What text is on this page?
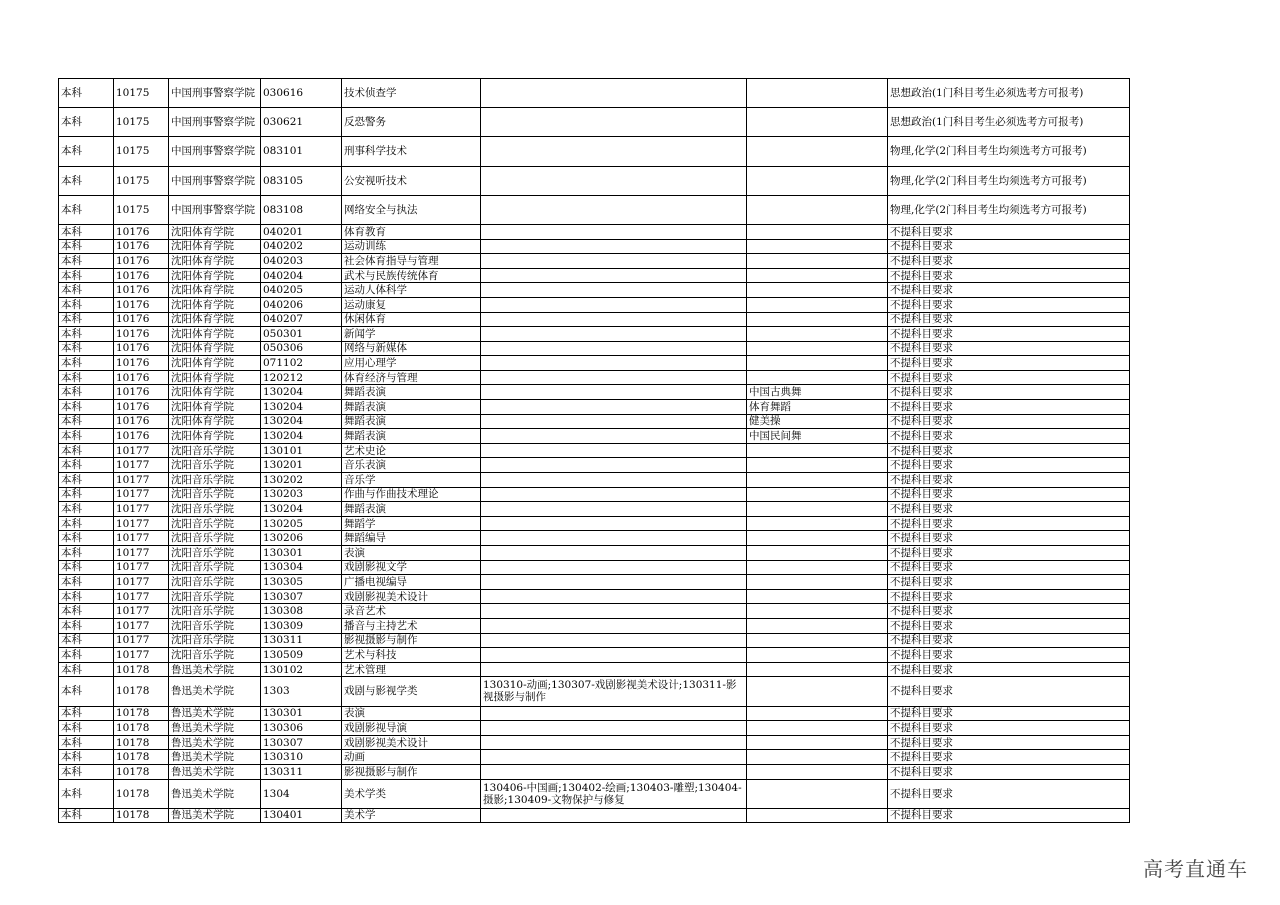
本科	10175	中国刑事警察学院	030616	技术侦查学			思想政治(1门科目考生必须选考方可报考)
本科	10175	中国刑事警察学院	030621	反恐警务			思想政治(1门科目考生必须选考方可报考)
本科	10175	中国刑事警察学院	083101	刑事科学技术			物理,化学(2门科目考生均须选考方可报考)
本科	10175	中国刑事警察学院	083105	公安视听技术			物理,化学(2门科目考生均须选考方可报考)
本科	10175	中国刑事警察学院	083108	网络安全与执法			物理,化学(2门科目考生均须选考方可报考)
本科	10176	沈阳体育学院	040201	体育教育			不提科目要求
本科	10176	沈阳体育学院	040202	运动训练			不提科目要求
本科	10176	沈阳体育学院	040203	社会体育指导与管理			不提科目要求
本科	10176	沈阳体育学院	040204	武术与民族传统体育			不提科目要求
本科	10176	沈阳体育学院	040205	运动人体科学			不提科目要求
本科	10176	沈阳体育学院	040206	运动康复			不提科目要求
本科	10176	沈阳体育学院	040207	休闲体育			不提科目要求
本科	10176	沈阳体育学院	050301	新闻学			不提科目要求
本科	10176	沈阳体育学院	050306	网络与新媒体			不提科目要求
本科	10176	沈阳体育学院	071102	应用心理学			不提科目要求
本科	10176	沈阳体育学院	120212	体育经济与管理			不提科目要求
本科	10176	沈阳体育学院	130204	舞蹈表演		中国古典舞	不提科目要求
本科	10176	沈阳体育学院	130204	舞蹈表演		体育舞蹈	不提科目要求
本科	10176	沈阳体育学院	130204	舞蹈表演		健美操	不提科目要求
本科	10176	沈阳体育学院	130204	舞蹈表演		中国民间舞	不提科目要求
本科	10177	沈阳音乐学院	130101	艺术史论			不提科目要求
本科	10177	沈阳音乐学院	130201	音乐表演			不提科目要求
本科	10177	沈阳音乐学院	130202	音乐学			不提科目要求
本科	10177	沈阳音乐学院	130203	作曲与作曲技术理论			不提科目要求
本科	10177	沈阳音乐学院	130204	舞蹈表演			不提科目要求
本科	10177	沈阳音乐学院	130205	舞蹈学			不提科目要求
本科	10177	沈阳音乐学院	130206	舞蹈编导			不提科目要求
本科	10177	沈阳音乐学院	130301	表演			不提科目要求
本科	10177	沈阳音乐学院	130304	戏剧影视文学			不提科目要求
本科	10177	沈阳音乐学院	130305	广播电视编导			不提科目要求
本科	10177	沈阳音乐学院	130307	戏剧影视美术设计			不提科目要求
本科	10177	沈阳音乐学院	130308	录音艺术			不提科目要求
本科	10177	沈阳音乐学院	130309	播音与主持艺术			不提科目要求
本科	10177	沈阳音乐学院	130311	影视摄影与制作			不提科目要求
本科	10177	沈阳音乐学院	130509	艺术与科技			不提科目要求
本科	10178	鲁迅美术学院	130102	艺术管理			不提科目要求
本科	10178	鲁迅美术学院	1303	戏剧与影视学类	130310-动画;130307-戏剧影视美术设计;130311-影视摄影与制作		不提科目要求
本科	10178	鲁迅美术学院	130301	表演			不提科目要求
本科	10178	鲁迅美术学院	130306	戏剧影视导演			不提科目要求
本科	10178	鲁迅美术学院	130307	戏剧影视美术设计			不提科目要求
本科	10178	鲁迅美术学院	130310	动画			不提科目要求
本科	10178	鲁迅美术学院	130311	影视摄影与制作			不提科目要求
本科	10178	鲁迅美术学院	1304	美术学类	130406-中国画;130402-绘画;130403-雕塑;130404-摄影;130409-文物保护与修复		不提科目要求
本科	10178	鲁迅美术学院	130401	美术学			不提科目要求
高考直通车
